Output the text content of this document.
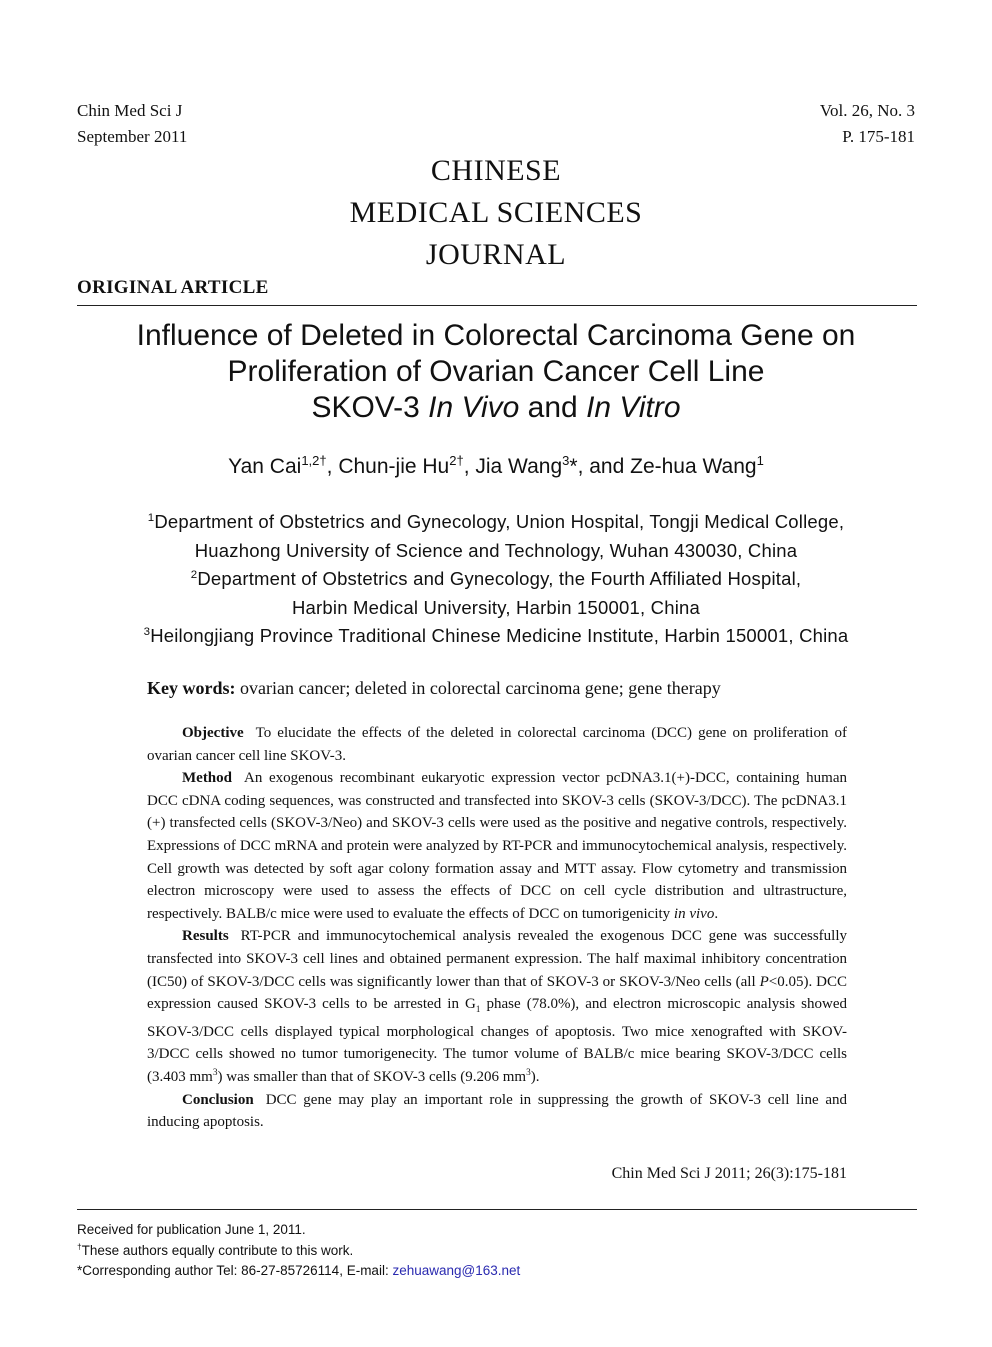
Chin Med Sci J
September 2011
Vol. 26, No. 3
P. 175-181
CHINESE
MEDICAL SCIENCES
JOURNAL
ORIGINAL ARTICLE
Influence of Deleted in Colorectal Carcinoma Gene on
Proliferation of Ovarian Cancer Cell Line
SKOV-3 In Vivo and In Vitro
Yan Cai$^{1,2\dagger}$, Chun-jie $Hu^{2\dagger}$, Jia Wang$^3$*, and Ze-hua Wang$^1$
$^1$Department of Obstetrics and Gynecology, Union Hospital, Tongji Medical College,
Huazhong University of Science and Technology, Wuhan 430030, China
$^2$Department of Obstetrics and Gynecology, the Fourth Affiliated Hospital,
Harbin Medical University, Harbin 150001, China
$^3$Heilongjiang Province Traditional Chinese Medicine Institute, Harbin 150001, China
Key words: ovarian cancer; deleted in colorectal carcinoma gene; gene therapy

Objective To elucidate the effects of the deleted in colorectal carcinoma (DCC) gene on proliferation of ovarian cancer cell line SKOV-3.

Method An exogenous recombinant eukaryotic expression vector pcDNA3.1(+)-DCC, containing human DCC cDNA coding sequences, was constructed and transfected into SKOV-3 cells (SKOV-3/DCC). The pcDNA3.1 (+) transfected cells (SKOV-3/Neo) and SKOV-3 cells were used as the positive and negative controls, respectively. Expressions of DCC mRNA and protein were analyzed by RT-PCR and immunocytochemical analysis, respectively. Cell growth was detected by soft agar colony formation assay and MTT assay. Flow cytometry and transmission electron microscopy were used to assess the effects of DCC on cell cycle distribution and ultrastructure, respectively. BALB/c mice were used to evaluate the effects of DCC on tumorigenicity in vivo.

Results RT-PCR and immunocytochemical analysis revealed the exogenous DCC gene was successfully transfected into SKOV-3 cell lines and obtained permanent expression. The half maximal inhibitory concentration (IC50) of SKOV-3/DCC cells was significantly lower than that of SKOV-3 or SKOV-3/Neo cells (all P<0.05). DCC expression caused SKOV-3 cells to be arrested in $G_1$ phase (78.0%), and electron microscopic analysis showed SKOV-3/DCC cells displayed typical morphological changes of apoptosis. Two mice xenografted with SKOV-3/DCC cells showed no tumor tumorigenecity. The tumor volume of BALB/c mice bearing SKOV-3/DCC cells (3.403 $mm^3$) was smaller than that of SKOV-3 cells (9.206 $mm^3$).

Conclusion DCC gene may play an important role in suppressing the growth of SKOV-3 cell line and inducing apoptosis.

Chin Med Sci J 2011; 26(3):175-181
Received for publication June 1, 2011.
†These authors equally contribute to this work.
*Corresponding author Tel: 86-27-85726114, E-mail: zehuawang@163.net
